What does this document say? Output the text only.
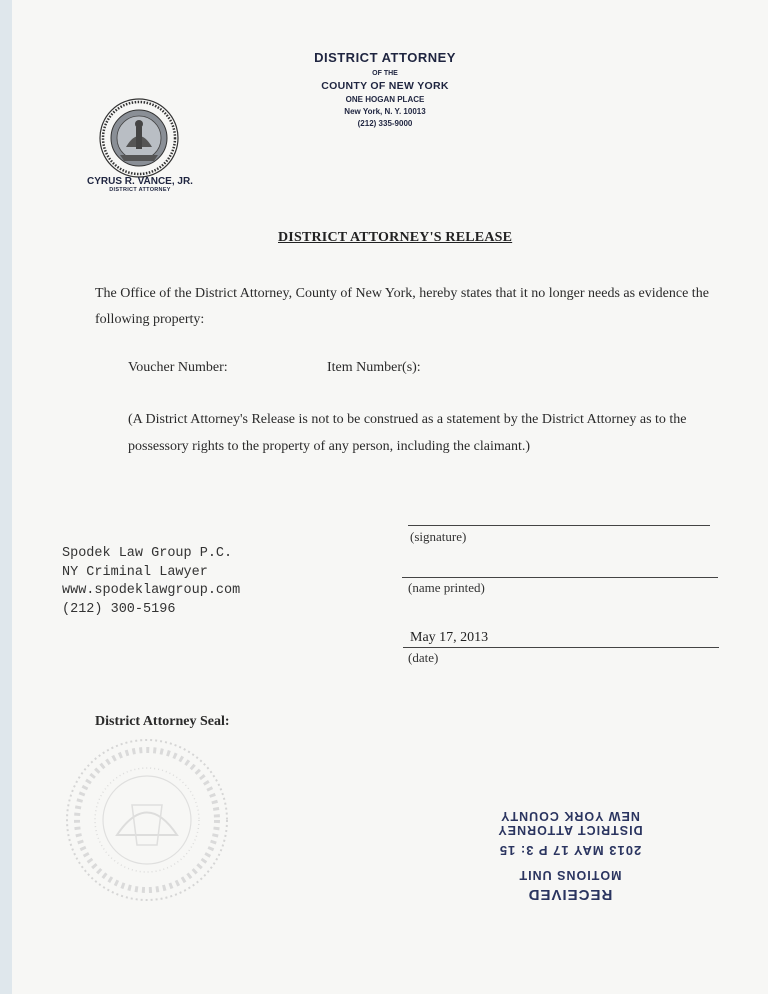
DISTRICT ATTORNEY
OF THE
COUNTY OF NEW YORK
ONE HOGAN PLACE
New York, N. Y. 10013
(212) 335-9000
CYRUS R. VANCE, JR.
DISTRICT ATTORNEY
DISTRICT ATTORNEY'S RELEASE
The Office of the District Attorney, County of New York, hereby states that it no longer needs as evidence the following property:
Voucher Number:	Item Number(s):
(A District Attorney's Release is not to be construed as a statement by the District Attorney as to the possessory rights to the property of any person, including the claimant.)
Spodek Law Group P.C.
NY Criminal Lawyer
www.spodeklawgroup.com
(212) 300-5196
(signature)
(name printed)
May 17, 2013
(date)
District Attorney Seal:
RECEIVED
MOTIONS UNIT
2013 MAY 17 P 3: 15
DISTRICT ATTORNEY
NEW YORK COUNTY
